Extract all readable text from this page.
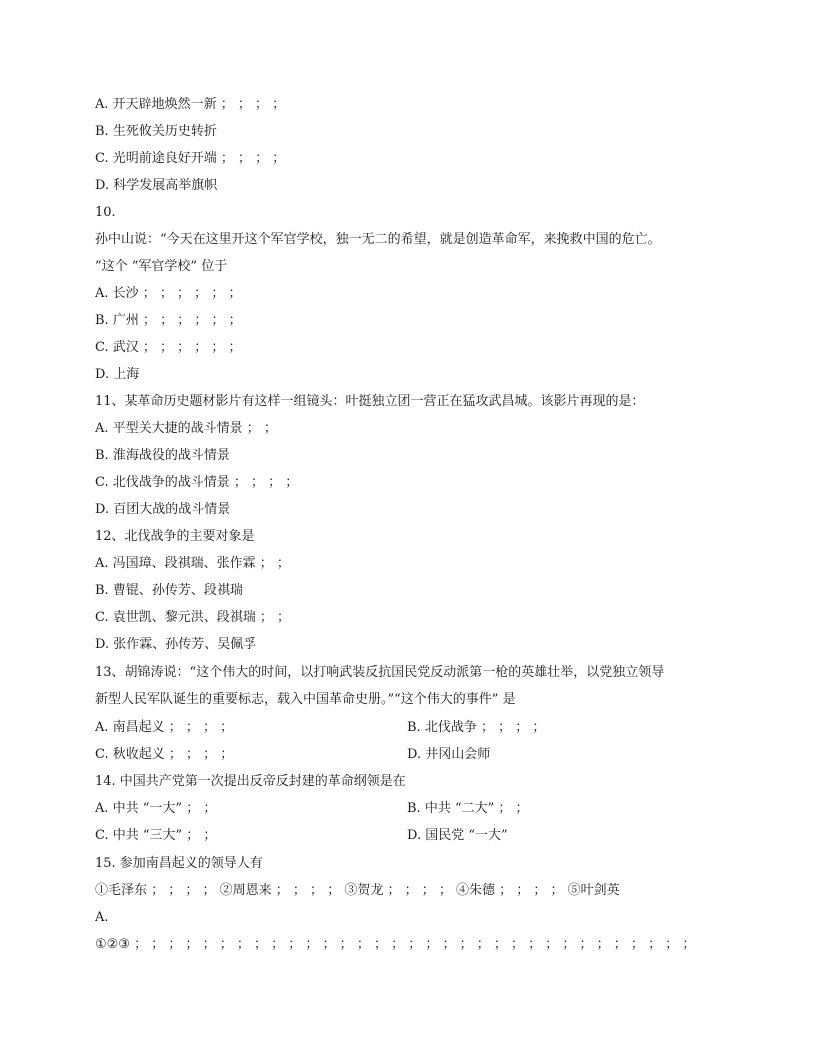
A. 开天辟地焕然一新 ； ； ； ；
B. 生死攸关历史转折
C. 光明前途良好开端 ； ； ； ；
D. 科学发展高举旗帜
10.
孙中山说：“今天在这里开这个军官学校，独一无二的希望，就是创造革命军，来挽救中国的危亡。
”这个 “军官学校” 位于
A. 长沙 ； ； ； ； ； ；
B. 广州 ； ； ； ； ； ；
C. 武汉 ； ； ； ； ； ；
D. 上海
11、某革命历史题材影片有这样一组镜头：叶挺独立团一营正在猛攻武昌城。该影片再现的是：
A. 平型关大捷的战斗情景 ； ；
B. 淮海战役的战斗情景
C. 北伐战争的战斗情景 ； ； ； ；
D. 百团大战的战斗情景
12、北伐战争的主要对象是
A. 冯国璋、段祺瑞、张作霖 ； ；
B. 曹锟、孙传芳、段祺瑞
C. 袁世凯、黎元洪、段祺瑞 ； ；
D. 张作霖、孙传芳、吴佩孚
13、胡锦涛说：“这个伟大的时间，以打响武装反抗国民党反动派第一枪的英雄壮举，以党独立领导
新型人民军队诞生的重要标志，载入中国革命史册。”“这个伟大的事件” 是
A. 南昌起义 ； ； ； ；	B. 北伐战争 ； ； ； ；
C. 秋收起义 ； ； ； ；	D. 井冈山会师
14. 中国共产党第一次提出反帝反封建的革命纲领是在
A. 中共 “一大” ； ；	B. 中共 “二大” ； ；
C. 中共 “三大” ； ；	D. 国民党 “一大”
15. 参加南昌起义的领导人有
①毛泽东 ； ； ； ； ②周恩来 ； ； ； ； ③贺龙 ； ； ； ； ④朱德 ； ； ； ； ⑤叶剑英
A.
①②③ ； ； ； ； ； ； ； ； ； ； ； ； ； ； ； ； ； ； ； ； ； ； ； ； ； ； ； ； ； ； ； ； ；
